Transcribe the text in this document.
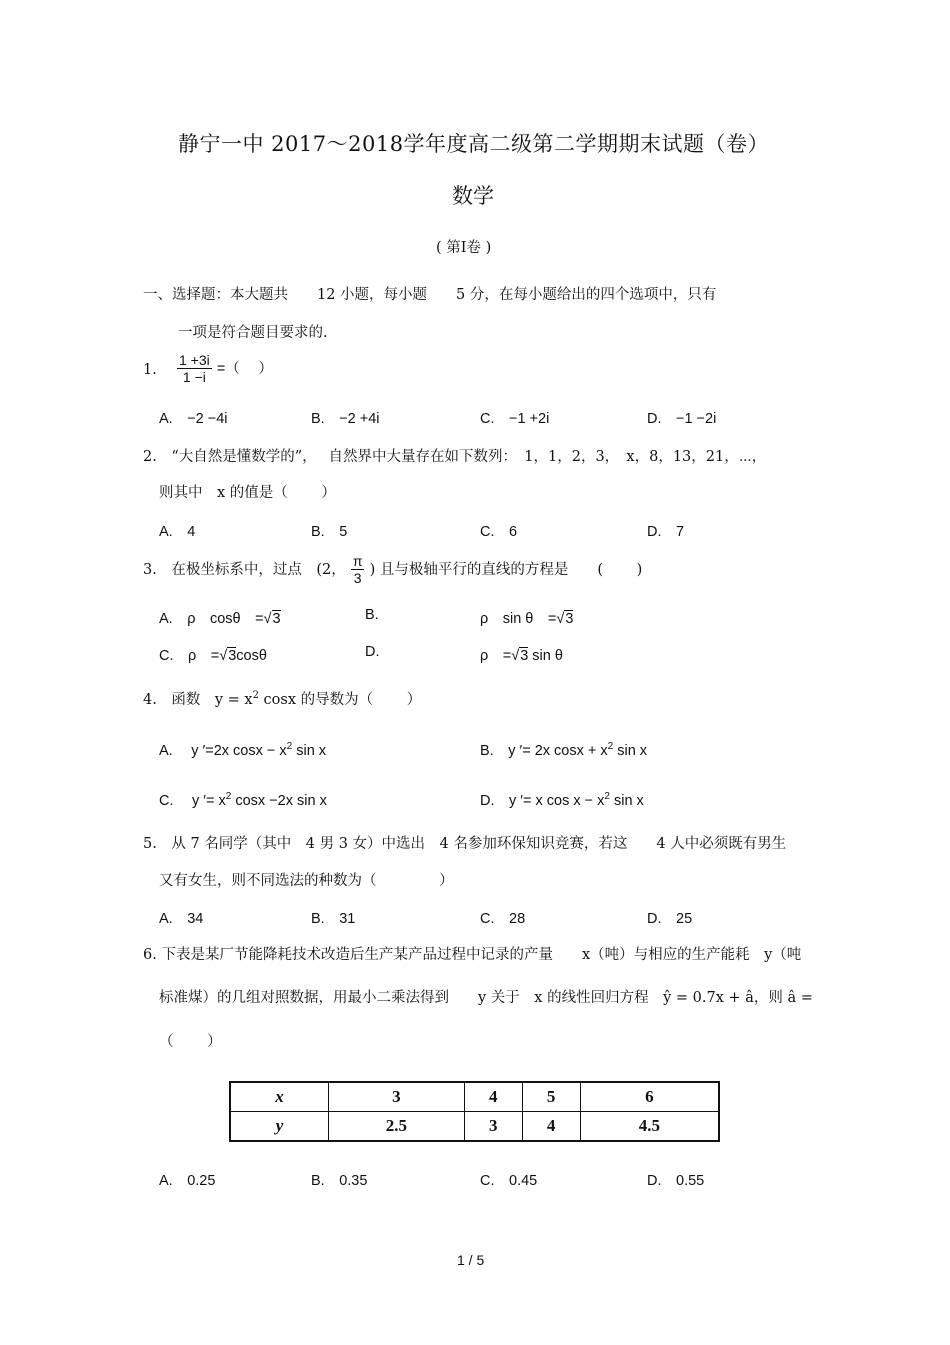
静宁一中 2017～2018学年度高二级第二学期期末试题（卷）
数学
( 第Ⅰ卷 )
一、选择题：本大题共　　12 小题，每小题　　5 分，在每小题给出的四个选项中，只有
一项是符合题目要求的.
1. $\frac{1 +3i}{1 -i}$ =（　 ）
A.　−2 −4i	B.　−2 +4i	C.　−1 +2i	D.　−1 −2i
2.　“大自然是懂数学的”，　 自然界中大量存在如下数列：　1，1，2，3，　x，8，13，21，⋯，
则其中　x 的值是（　　 ）
A.　4	B.　5	C.　6	D.　7
3.　在极坐标系中，过点　(2， $\frac{\pi}{3}$ ) 且与极轴平行的直线的方程是　　(　　 )
A.　ρ　cosθ　=√3	B.	ρ　sin θ　=√3
C.　ρ　=√3cosθ	D.	ρ　=√3 sin θ
4.　函数　$y = x^2$ cosx 的导数为（　　 ）
A.　 y ′=2x $\cos x - x^2$ sin x	B.　y ′= 2x $\cos x + x^2$ sin x
C.　 y ′= $x^2$ cosx −2x sin x	D.　y ′= x $\cos x - x^2$ sin x
5.　从 7 名同学（其中　4 男 3 女）中选出　4 名参加环保知识竞赛，若这　　4 人中必须既有男生
又有女生，则不同选法的种数为（　　　　 ）
A.　34	B.　31	C.　28	D.　25
6. 下表是某厂节能降耗技术改造后生产某产品过程中记录的产量　　x（吨）与相应的生产能耗　y（吨
标准煤）的几组对照数据，用最小二乘法得到　　y 关于　x 的线性回归方程　ŷ = 0.7x + â，则 â =
（　　 ）
x	3	4	5	6
y	2.5	3	4	4.5
A.　0.25	B.　0.35	C.　0.45	D.　0.55
1 / 5
